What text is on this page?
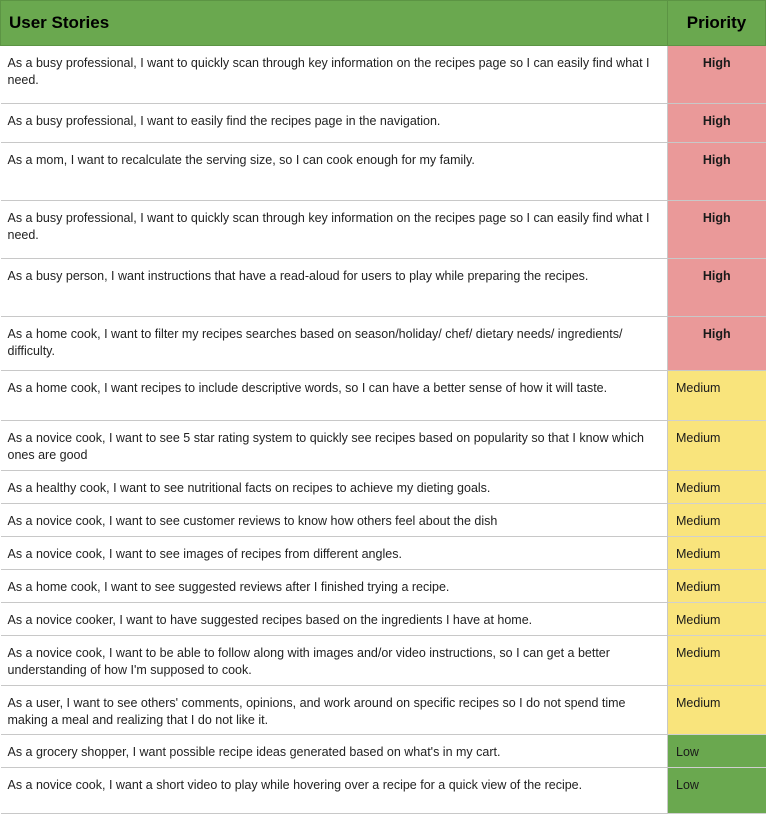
User Stories	Priority
As a busy professional, I want to quickly scan through key information on the recipes page so I can easily find what I need.	High
As a busy professional, I want to easily find the recipes page in the navigation.	High
As a mom, I want to recalculate the serving size, so I can cook enough for my family.	High
As a busy professional, I want to quickly scan through key information on the recipes page so I can easily find what I need.	High
As a busy person, I want instructions that have a read-aloud for users to play while preparing the recipes.	High
As a home cook, I want to filter my recipes searches based on season/holiday/ chef/ dietary needs/ ingredients/ difficulty.	High
As a home cook, I want recipes to include descriptive words, so I can have a better sense of how it will taste.	Medium
As a novice cook, I want to see 5 star rating system to quickly see recipes based on popularity so that I know which ones are good	Medium
As a healthy cook, I want to see nutritional facts on recipes to achieve my dieting goals.	Medium
As a novice cook, I want to see customer reviews to know how others feel about the dish	Medium
As a novice cook, I want to see images of recipes from different angles.	Medium
As a home cook, I want to see suggested reviews after I finished trying a recipe.	Medium
As a novice cooker, I want to have suggested recipes based on the ingredients I have at home.	Medium
As a novice cook, I want to be able to follow along with images and/or video instructions, so I can get a better understanding of how I'm supposed to cook.	Medium
As a user, I want to see others' comments, opinions, and work around on specific recipes so I do not spend time making a meal and realizing that I do not like it.	Medium
As a grocery shopper, I want possible recipe ideas generated based on what's in my cart.	Low
As a novice cook, I want a short video to play while hovering over a recipe for a quick view of the recipe.	Low
